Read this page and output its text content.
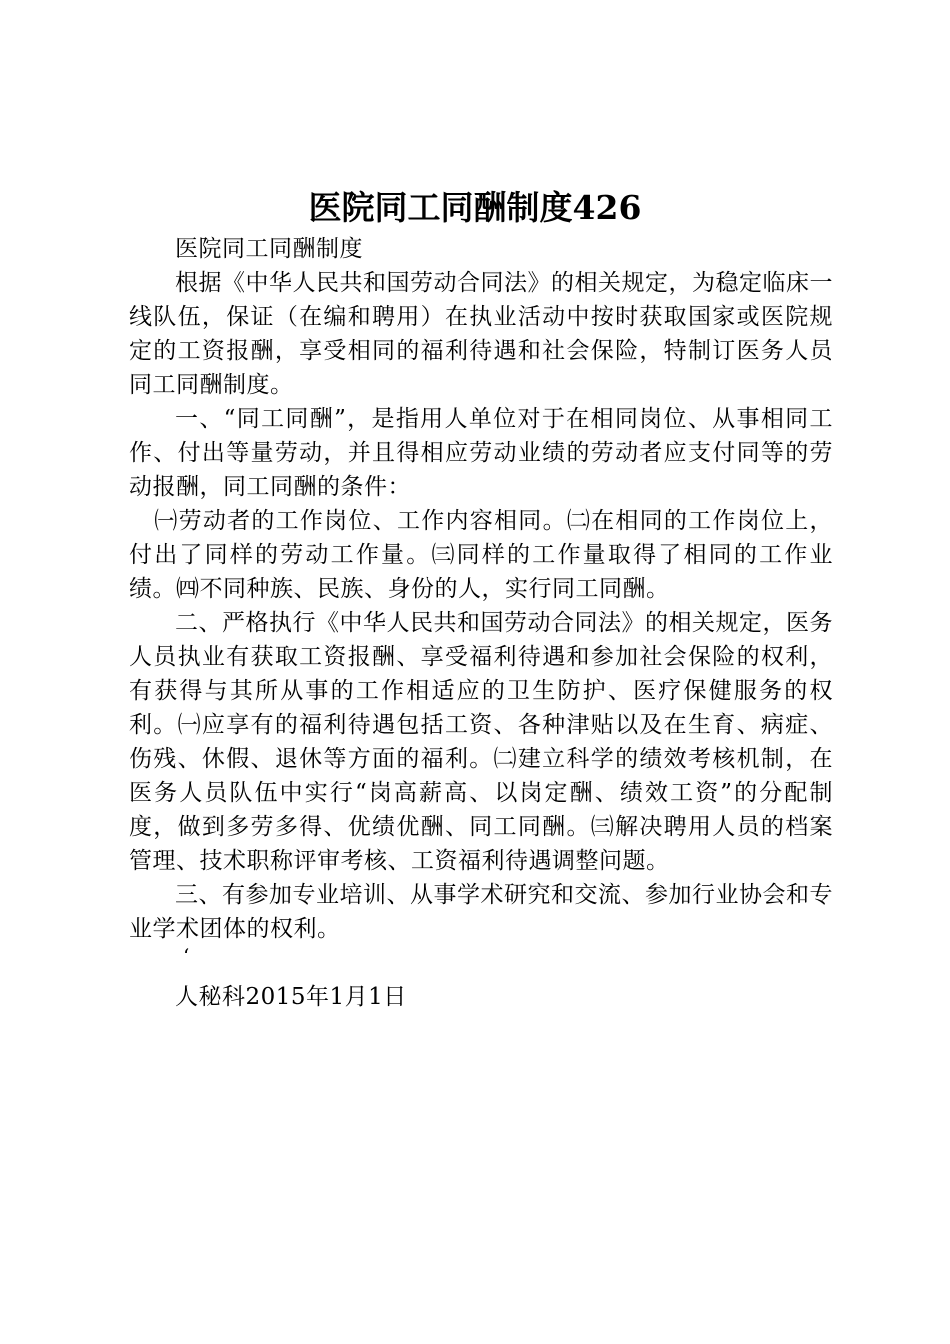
医院同工同酬制度426

医院同工同酬制度

根据《中华人民共和国劳动合同法》的相关规定，为稳定临床一线队伍，保证（在编和聘用）在执业活动中按时获取国家或医院规定的工资报酬，享受相同的福利待遇和社会保险，特制订医务人员同工同酬制度。

一、“同工同酬”，是指用人单位对于在相同岗位、从事相同工作、付出等量劳动，并且得相应劳动业绩的劳动者应支付同等的劳动报酬，同工同酬的条件：

㈠劳动者的工作岗位、工作内容相同。㈡在相同的工作岗位上，付出了同样的劳动工作量。㈢同样的工作量取得了相同的工作业绩。㈣不同种族、民族、身份的人，实行同工同酬。

二、严格执行《中华人民共和国劳动合同法》的相关规定，医务人员执业有获取工资报酬、享受福利待遇和参加社会保险的权利，有获得与其所从事的工作相适应的卫生防护、医疗保健服务的权利。㈠应享有的福利待遇包括工资、各种津贴以及在生育、病症、伤残、休假、退休等方面的福利。㈡建立科学的绩效考核机制，在医务人员队伍中实行“岗高薪高、以岗定酬、绩效工资”的分配制度，做到多劳多得、优绩优酬、同工同酬。㈢解决聘用人员的档案管理、技术职称评审考核、工资福利待遇调整问题。

三、有参加专业培训、从事学术研究和交流、参加行业协会和专业学术团体的权利。

‘

人秘科2015年1月1日
